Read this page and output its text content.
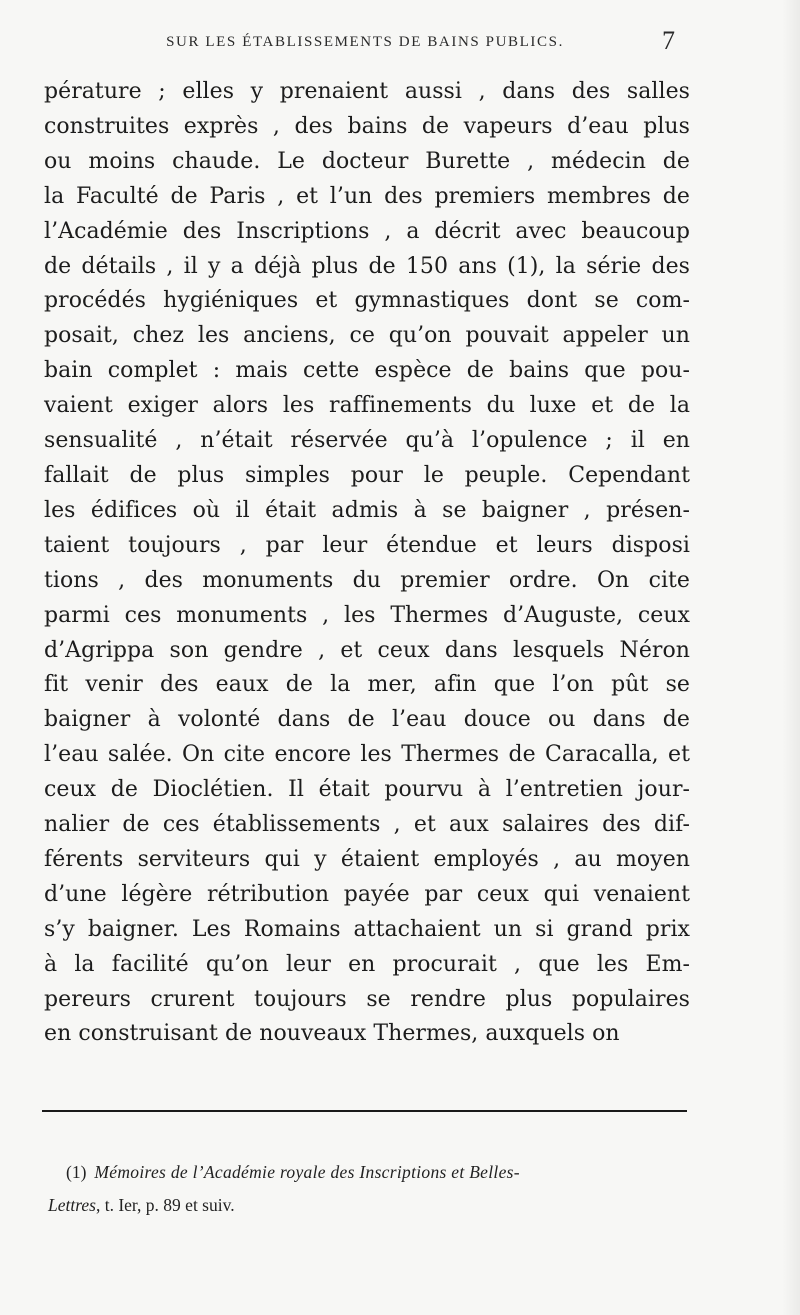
SUR LES ÉTABLISSEMENTS DE BAINS PUBLICS.	7
pérature ; elles y prenaient aussi , dans des salles
construites exprès , des bains de vapeurs d’eau plus
ou moins chaude. Le docteur Burette , médecin de
la Faculté de Paris , et l’un des premiers membres de
l’Académie des Inscriptions , a décrit avec beaucoup
de détails , il y a déjà plus de 150 ans (1), la série des
procédés hygiéniques et gymnastiques dont se com-
posait, chez les anciens, ce qu’on pouvait appeler un
bain complet : mais cette espèce de bains que pou-
vaient exiger alors les raffinements du luxe et de la
sensualité , n’était réservée qu’à l’opulence ; il en
fallait de plus simples pour le peuple. Cependant
les édifices où il était admis à se baigner , présen-
taient toujours , par leur étendue et leurs disposi
tions , des monuments du premier ordre. On cite
parmi ces monuments , les Thermes d’Auguste, ceux
d’Agrippa son gendre , et ceux dans lesquels Néron
fit venir des eaux de la mer, afin que l’on pût se
baigner à volonté dans de l’eau douce ou dans de
l’eau salée. On cite encore les Thermes de Caracalla, et
ceux de Dioclétien. Il était pourvu à l’entretien jour-
nalier de ces établissements , et aux salaires des dif-
férents serviteurs qui y étaient employés , au moyen
d’une légère rétribution payée par ceux qui venaient
s’y baigner. Les Romains attachaient un si grand prix
à la facilité qu’on leur en procurait , que les Em-
pereurs crurent toujours se rendre plus populaires
en construisant de nouveaux Thermes, auxquels on
(1) Mémoires de l’Académie royale des Inscriptions et Belles-
Lettres, t. Ier, p. 89 et suiv.
